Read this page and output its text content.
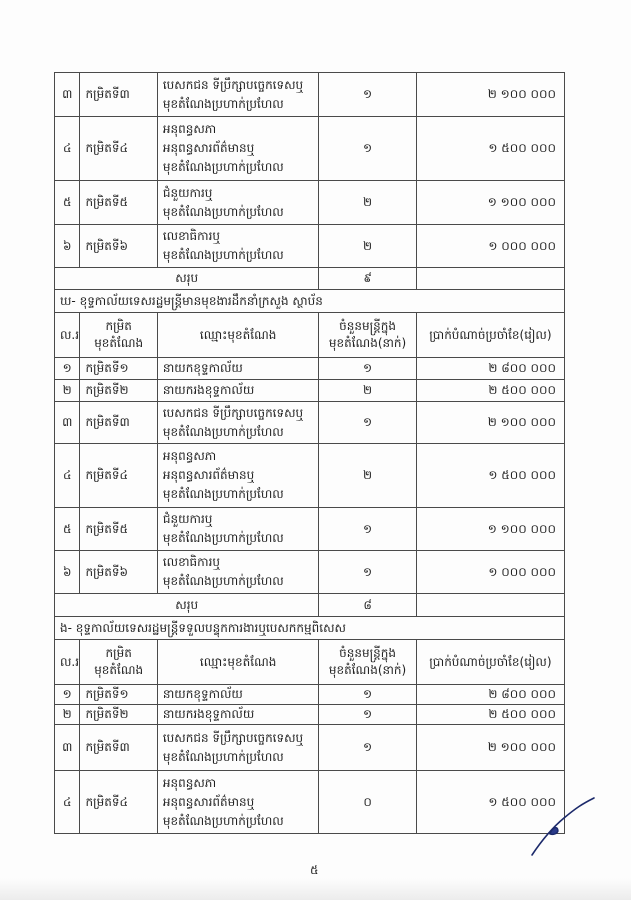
៣	កម្រិតទី៣	បេសកជន ទីប្រឹក្សាបច្ចេកទេសឬ
មុខតំណែងប្រហាក់ប្រហែល	១	២ ១០០ ០០០
៤	កម្រិតទី៤	អនុពន្ធសភា
អនុពន្ធសារព័ត៌មានឬ
មុខតំណែងប្រហាក់ប្រហែល	១	១ ៥០០ ០០០
៥	កម្រិតទី៥	ជំនួយការឬ
មុខតំណែងប្រហាក់ប្រហែល	២	១ ១០០ ០០០
៦	កម្រិតទី៦	លេខាធិការឬ
មុខតំណែងប្រហាក់ប្រហែល	២	១ ០០០ ០០០
សរុប			៩	
ឃ- ខុទ្ទកាល័យទេសរដ្ឋមន្ត្រីមានមុខងារដឹកនាំក្រសួង ស្ថាប័ន				
ល.រ	កម្រិត
មុខតំណែង	ឈ្មោះមុខតំណែង	ចំនួនមន្ត្រីក្នុង
មុខតំណែង(នាក់)	ប្រាក់បំណាច់ប្រចាំខែ(រៀល)
១	កម្រិតទី១	នាយកខុទ្ទកាល័យ	១	២ ៨០០ ០០០
២	កម្រិតទី២	នាយករងខុទ្ទកាល័យ	២	២ ៥០០ ០០០
៣	កម្រិតទី៣	បេសកជន ទីប្រឹក្សាបច្ចេកទេសឬ
មុខតំណែងប្រហាក់ប្រហែល	១	២ ១០០ ០០០
៤	កម្រិតទី៤	អនុពន្ធសភា
អនុពន្ធសារព័ត៌មានឬ
មុខតំណែងប្រហាក់ប្រហែល	២	១ ៥០០ ០០០
៥	កម្រិតទី៥	ជំនួយការឬ
មុខតំណែងប្រហាក់ប្រហែល	១	១ ១០០ ០០០
៦	កម្រិតទី៦	លេខាធិការឬ
មុខតំណែងប្រហាក់ប្រហែល	១	១ ០០០ ០០០
សរុប			៨	
ង- ខុទ្ទកាល័យទេសរដ្ឋមន្ត្រីទទួលបន្ទុកការងារឬបេសកកម្មពិសេស				
ល.រ	កម្រិត
មុខតំណែង	ឈ្មោះមុខតំណែង	ចំនួនមន្ត្រីក្នុង
មុខតំណែង(នាក់)	ប្រាក់បំណាច់ប្រចាំខែ(រៀល)
១	កម្រិតទី១	នាយកខុទ្ទកាល័យ	១	២ ៨០០ ០០០
២	កម្រិតទី២	នាយករងខុទ្ទកាល័យ	១	២ ៥០០ ០០០
៣	កម្រិតទី៣	បេសកជន ទីប្រឹក្សាបច្ចេកទេសឬ
មុខតំណែងប្រហាក់ប្រហែល	១	២ ១០០ ០០០
៤	កម្រិតទី៤	អនុពន្ធសភា
អនុពន្ធសារព័ត៌មានឬ
មុខតំណែងប្រហាក់ប្រហែល	០	១ ៥០០ ០០០
៥
